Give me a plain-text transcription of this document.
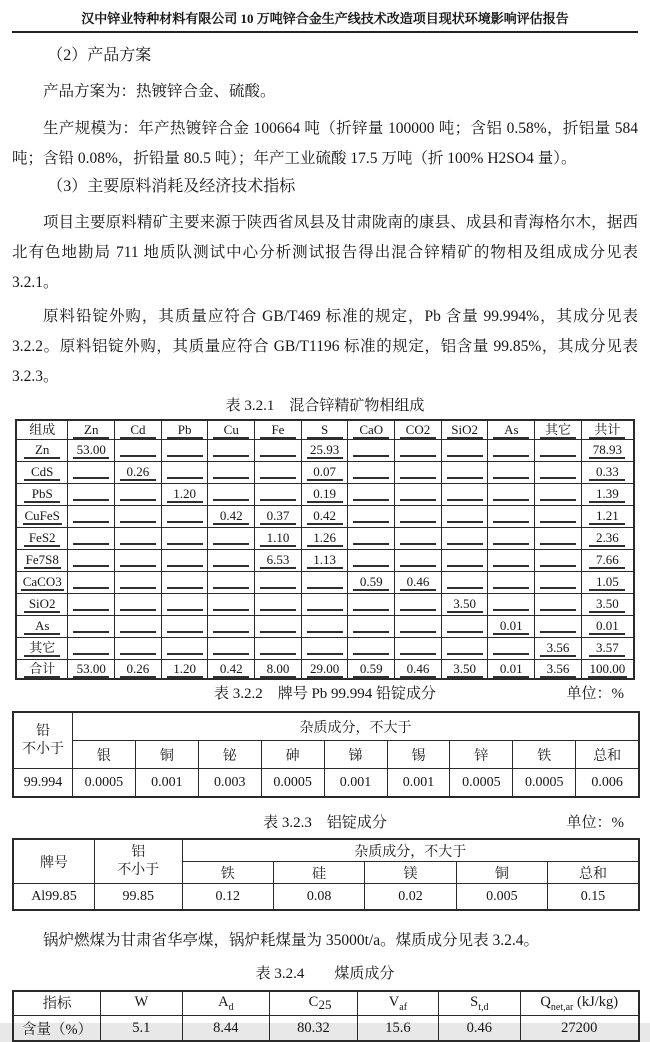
汉中锌业特种材料有限公司 10 万吨锌合金生产线技术改造项目现状环境影响评估报告

（2）产品方案

产品方案为：热镀锌合金、硫酸。

生产规模为：年产热镀锌合金 100664 吨（折锌量 100000 吨；含铝 0.58%，折铝量 584 吨；含铅 0.08%，折铅量 80.5 吨）；年产工业硫酸 17.5 万吨（折 100% H2SO4 量）。

（3）主要原料消耗及经济技术指标

项目主要原料精矿主要来源于陕西省凤县及甘肃陇南的康县、成县和青海格尔木，据西北有色地勘局 711 地质队测试中心分析测试报告得出混合锌精矿的物相及组成成分见表 3.2.1。

原料铅锭外购，其质量应符合 GB/T469 标准的规定，Pb 含量 99.994%，其成分见表 3.2.2。原料铝锭外购，其质量应符合 GB/T1196 标准的规定，铝含量 99.85%，其成分见表 3.2.3。

表 3.2.1　混合锌精矿物相组成
组成	Zn	Cd	Pb	Cu	Fe	S	CaO	CO2	SiO2	As	其它	共计
Zn	53.00					25.93						78.93
CdS		0.26				0.07						0.33
PbS			1.20			0.19						1.39
CuFeS				0.42	0.37	0.42						1.21
FeS2					1.10	1.26						2.36
Fe7S8					6.53	1.13						7.66
CaCO3							0.59	0.46				1.05
SiO2									3.50			3.50
As										0.01		0.01
其它											3.56	3.57
合计	53.00	0.26	1.20	0.42	8.00	29.00	0.59	0.46	3.50	0.01	3.56	100.00
表 3.2.2　牌号 Pb 99.994 铅锭成分	单位：%
铅
不小于	杂质成分，不大于								
	银	铜	铋	砷	锑	锡	锌	铁	总和
99.994	0.0005	0.001	0.003	0.0005	0.001	0.001	0.0005	0.0005	0.006
表 3.2.3　铝锭成分	单位：%
牌号	铝
不小于	杂质成分，不大于				
		铁	硅	镁	铜	总和
Al99.85	99.85	0.12	0.08	0.02	0.005	0.15

锅炉燃煤为甘肃省华亭煤，锅炉耗煤量为 35000t/a。煤质成分见表 3.2.4。

表 3.2.4　　煤质成分
指标	W	$A_d$	C	$V_{af}$	$S_{t,d}$	$Q_{net,ar}$ (kJ/kg)
含量（%）	5.1	8.44	80.32	15.6	0.46	27200
25
